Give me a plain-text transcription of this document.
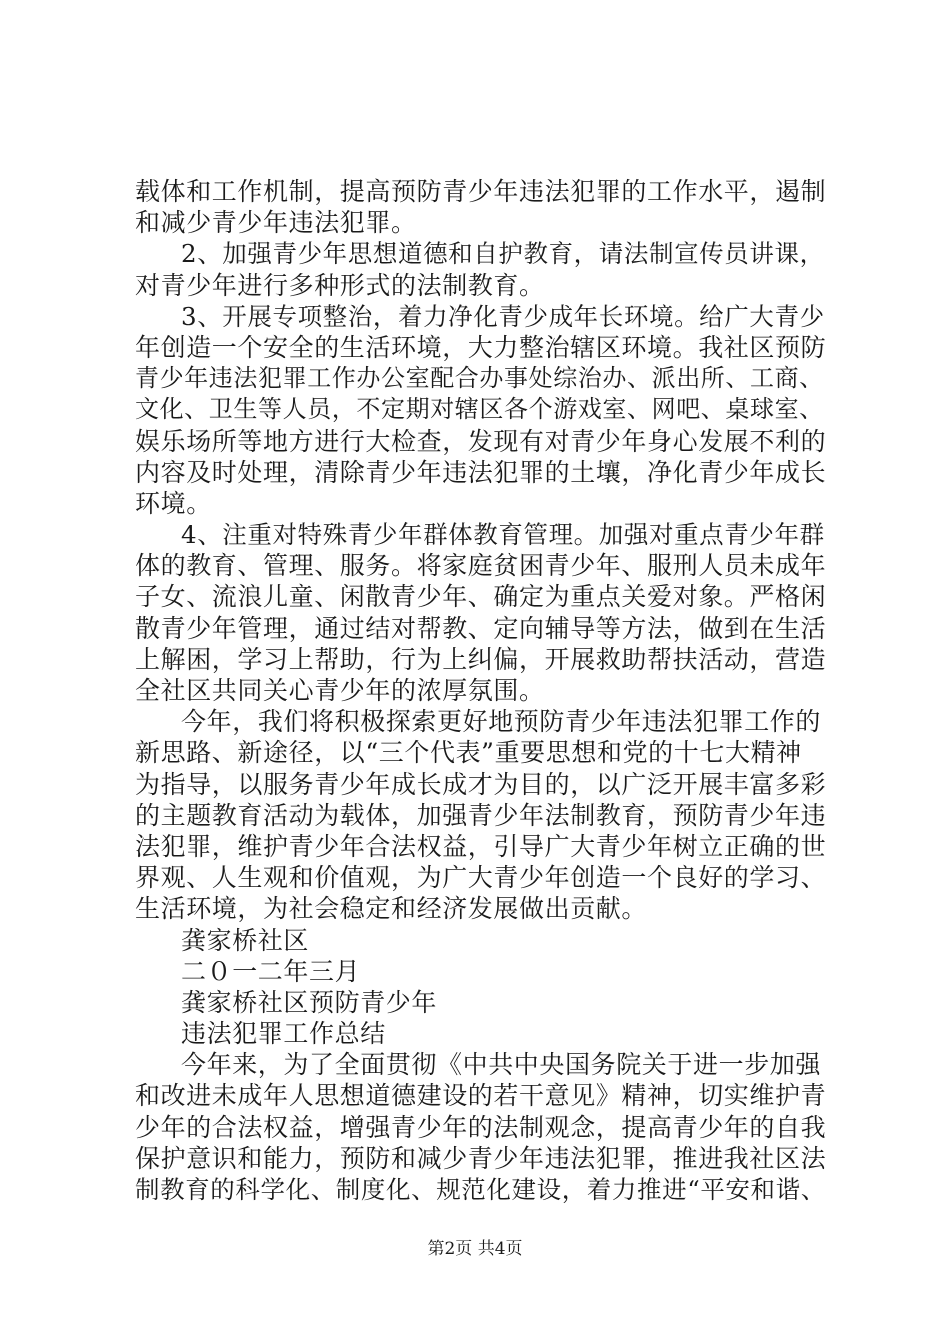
载体和工作机制，提高预防青少年违法犯罪的工作水平，遏制
和减少青少年违法犯罪。
2、加强青少年思想道德和自护教育，请法制宣传员讲课，
对青少年进行多种形式的法制教育。
3、开展专项整治，着力净化青少成年长环境。给广大青少
年创造一个安全的生活环境，大力整治辖区环境。我社区预防
青少年违法犯罪工作办公室配合办事处综治办、派出所、工商、
文化、卫生等人员，不定期对辖区各个游戏室、网吧、桌球室、
娱乐场所等地方进行大检查，发现有对青少年身心发展不利的
内容及时处理，清除青少年违法犯罪的土壤，净化青少年成长
环境。
4、注重对特殊青少年群体教育管理。加强对重点青少年群
体的教育、管理、服务。将家庭贫困青少年、服刑人员未成年
子女、流浪儿童、闲散青少年、确定为重点关爱对象。严格闲
散青少年管理，通过结对帮教、定向辅导等方法，做到在生活
上解困，学习上帮助，行为上纠偏，开展救助帮扶活动，营造
全社区共同关心青少年的浓厚氛围。
今年，我们将积极探索更好地预防青少年违法犯罪工作的
新思路、新途径，以“三个代表”重要思想和党的十七大精神
为指导，以服务青少年成长成才为目的，以广泛开展丰富多彩
的主题教育活动为载体，加强青少年法制教育，预防青少年违
法犯罪，维护青少年合法权益，引导广大青少年树立正确的世
界观、人生观和价值观，为广大青少年创造一个良好的学习、
生活环境，为社会稳定和经济发展做出贡献。
龚家桥社区
二０一二年三月
龚家桥社区预防青少年
违法犯罪工作总结
今年来，为了全面贯彻《中共中央国务院关于进一步加强
和改进未成年人思想道德建设的若干意见》精神，切实维护青
少年的合法权益，增强青少年的法制观念，提高青少年的自我
保护意识和能力，预防和减少青少年违法犯罪，推进我社区法
制教育的科学化、制度化、规范化建设，着力推进“平安和谐、
第2页 共4页
